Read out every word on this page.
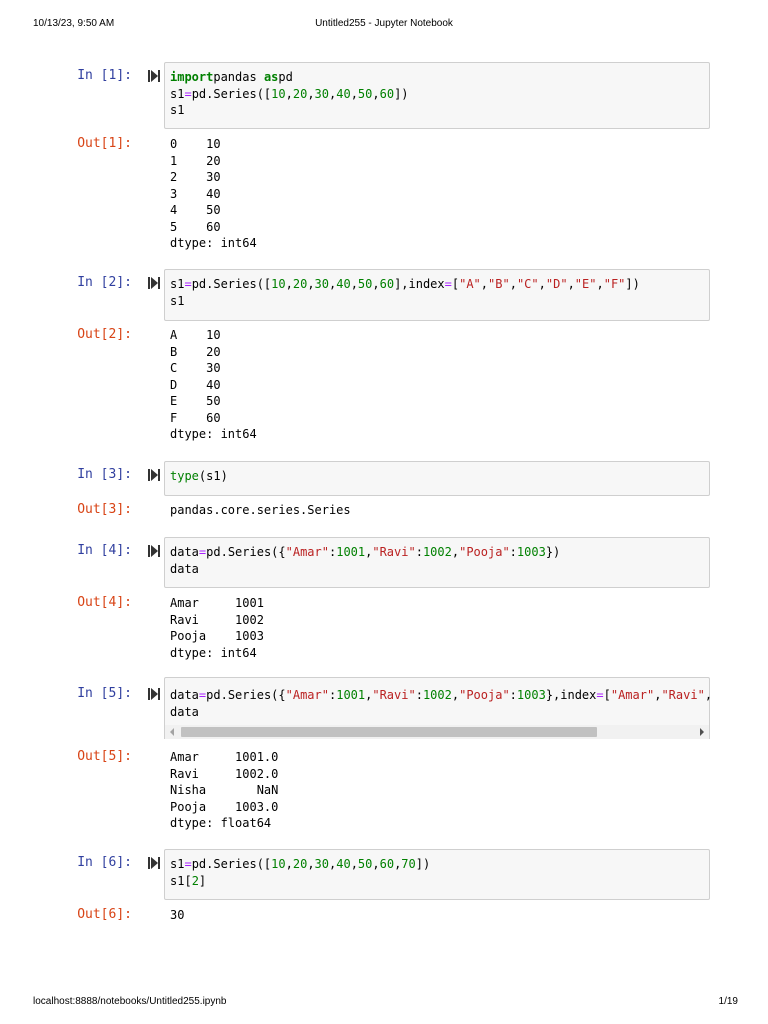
10/13/23, 9:50 AM	Untitled255 - Jupyter Notebook
In [1]:	importpandas aspd
s1=pd.Series([10,20,30,40,50,60])
s1
Out[1]:	0    10
1    20
2    30
3    40
4    50
5    60
dtype: int64
In [2]:	s1=pd.Series([10,20,30,40,50,60],index=["A","B","C","D","E","F"])
s1
Out[2]:	A    10
B    20
C    30
D    40
E    50
F    60
dtype: int64
In [3]:	type(s1)
Out[3]:	pandas.core.series.Series
In [4]:	data=pd.Series({"Amar":1001,"Ravi":1002,"Pooja":1003})
data
Out[4]:	Amar     1001
Ravi     1002
Pooja    1003
dtype: int64
In [5]:	data=pd.Series({"Amar":1001,"Ravi":1002,"Pooja":1003},index=["Amar","Ravi",
data
Out[5]:	Amar     1001.0
Ravi     1002.0
Nisha       NaN
Pooja    1003.0
dtype: float64
In [6]:	s1=pd.Series([10,20,30,40,50,60,70])
s1[2]
Out[6]:	30
localhost:8888/notebooks/Untitled255.ipynb	1/19
